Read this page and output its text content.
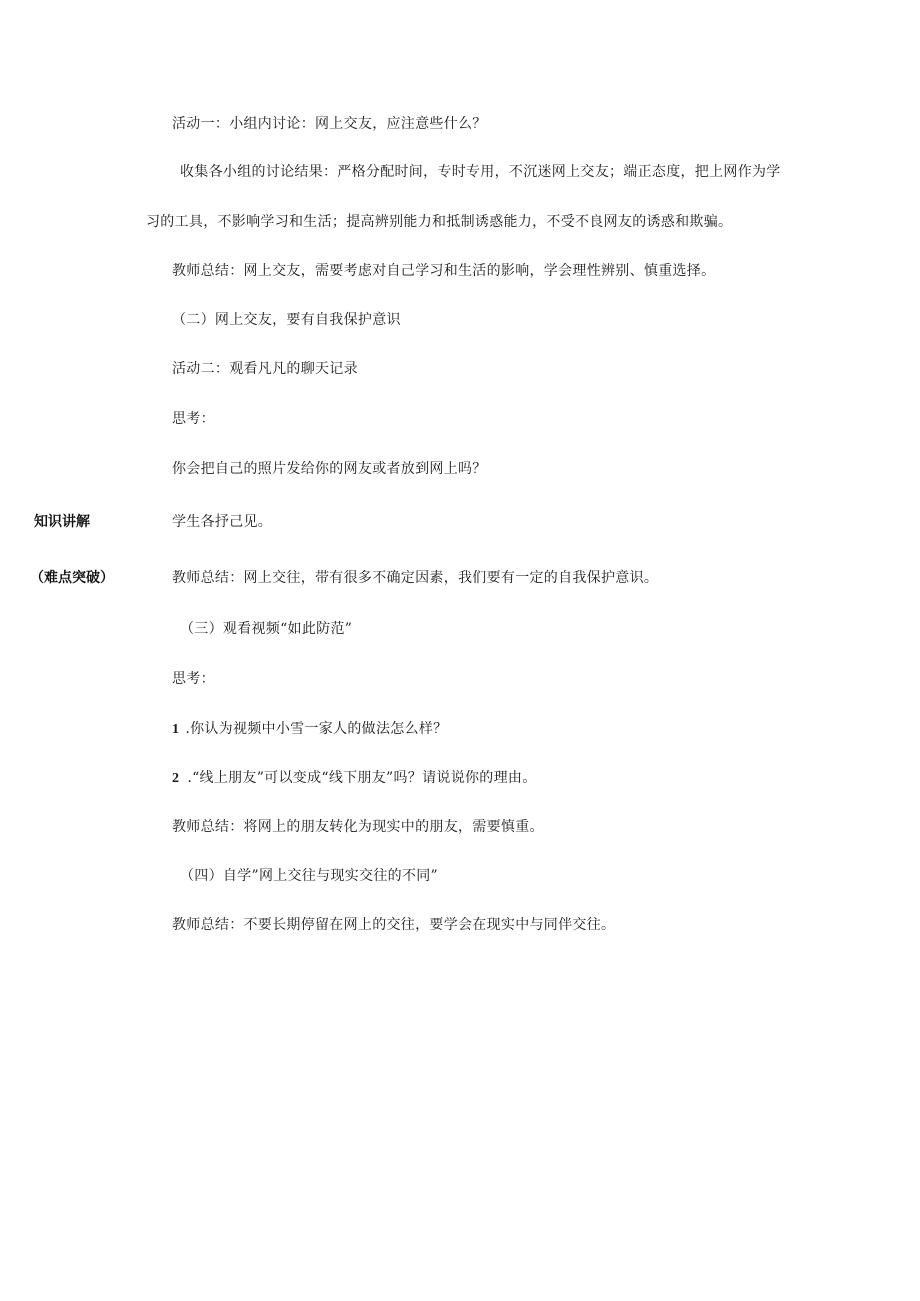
知识讲解
（难点突破）
活动一：小组内讨论：网上交友，应注意些什么？
收集各小组的讨论结果：严格分配时间，专时专用，不沉迷网上交友；端正态度，把上网作为学
习的工具，不影响学习和生活；提高辨别能力和抵制诱惑能力，不受不良网友的诱惑和欺骗。
教师总结：网上交友，需要考虑对自己学习和生活的影响，学会理性辨别、慎重选择。
（二）网上交友，要有自我保护意识
活动二：观看凡凡的聊天记录
思考：
你会把自己的照片发给你的网友或者放到网上吗？
学生各抒己见。
教师总结：网上交往，带有很多不确定因素，我们要有一定的自我保护意识。
（三）观看视频“如此防范”
思考：
1 .你认为视频中小雪一家人的做法怎么样？
2 .“线上朋友”可以变成“线下朋友”吗？请说说你的理由。
教师总结：将网上的朋友转化为现实中的朋友，需要慎重。
（四）自学”网上交往与现实交往的不同”
教师总结：不要长期停留在网上的交往，要学会在现实中与同伴交往。
